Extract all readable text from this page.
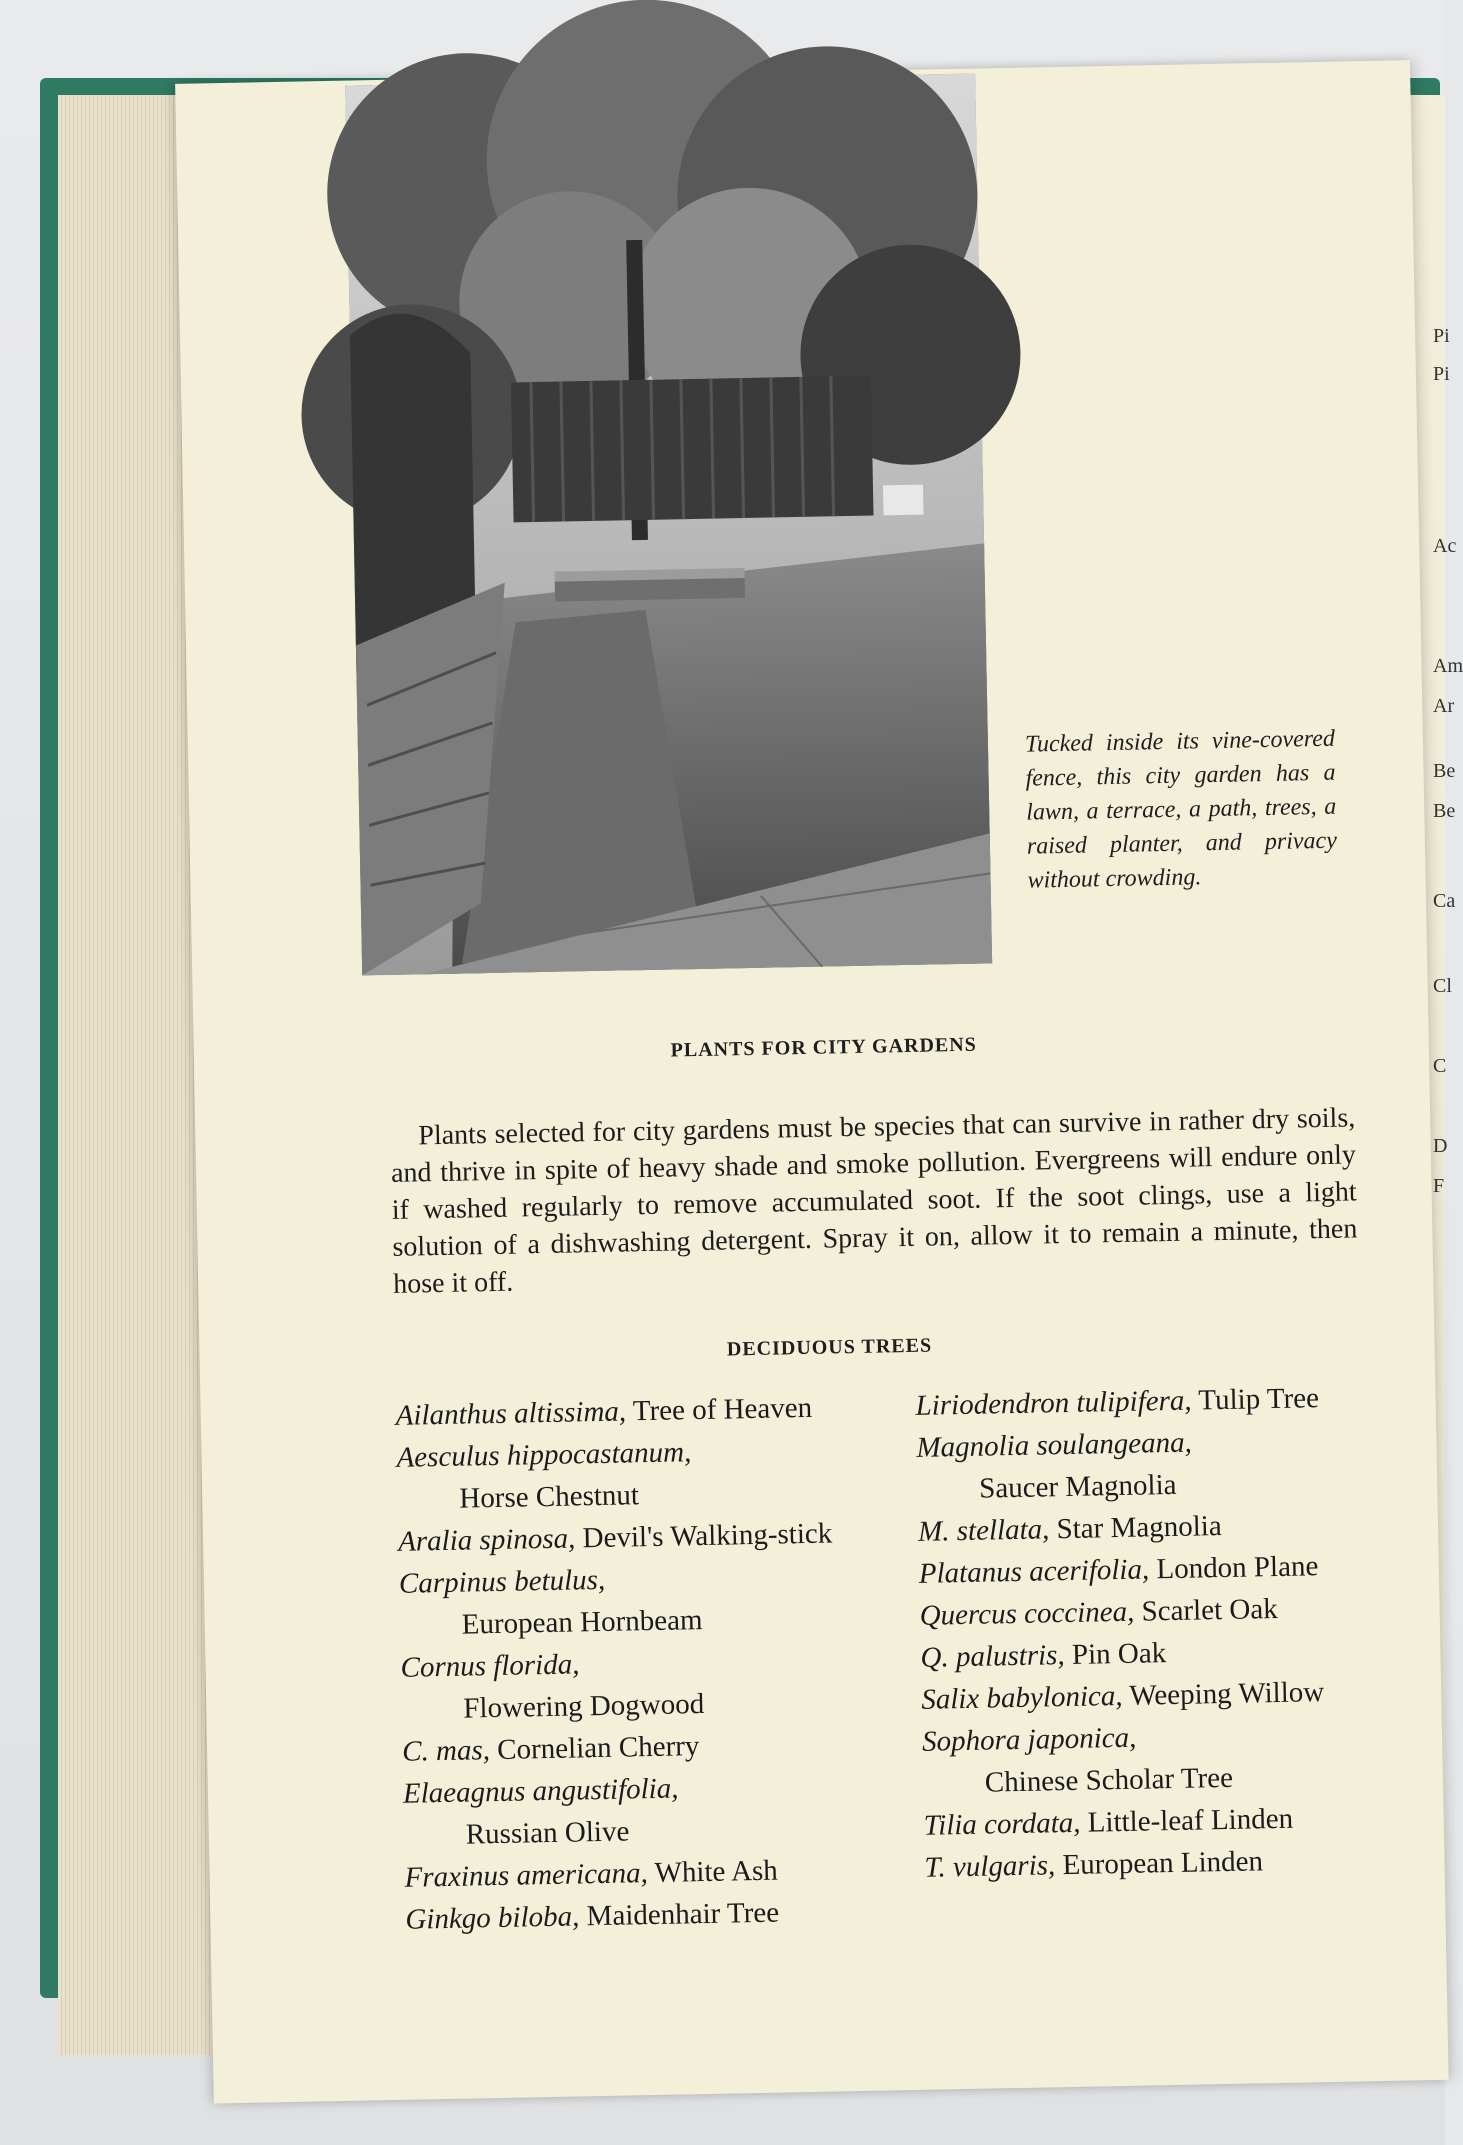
Pi
Pi
Ac
Am
Ar
Be
Be
Ca
Cl
C
D
F
Tucked inside its vine-covered fence, this city garden has a lawn, a terrace, a path, trees, a raised planter, and privacy without crowding.
PLANTS FOR CITY GARDENS

Plants selected for city gardens must be species that can survive in rather dry soils, and thrive in spite of heavy shade and smoke pollution. Evergreens will endure only if washed regularly to remove accumulated soot. If the soot clings, use a light solution of a dishwashing detergent. Spray it on, allow it to remain a minute, then hose it off.

DECIDUOUS TREES

Ailanthus altissima, Tree of Heaven

Aesculus hippocastanum,
Horse Chestnut

Aralia spinosa, Devil's Walking-stick

Carpinus betulus,
European Hornbeam

Cornus florida,
Flowering Dogwood

C. mas, Cornelian Cherry

Elaeagnus angustifolia,
Russian Olive

Fraxinus americana, White Ash

Ginkgo biloba, Maidenhair Tree

Liriodendron tulipifera, Tulip Tree

Magnolia soulangeana,
Saucer Magnolia

M. stellata, Star Magnolia

Platanus acerifolia, London Plane

Quercus coccinea, Scarlet Oak

Q. palustris, Pin Oak

Salix babylonica, Weeping Willow

Sophora japonica,
Chinese Scholar Tree

Tilia cordata, Little-leaf Linden

T. vulgaris, European Linden
